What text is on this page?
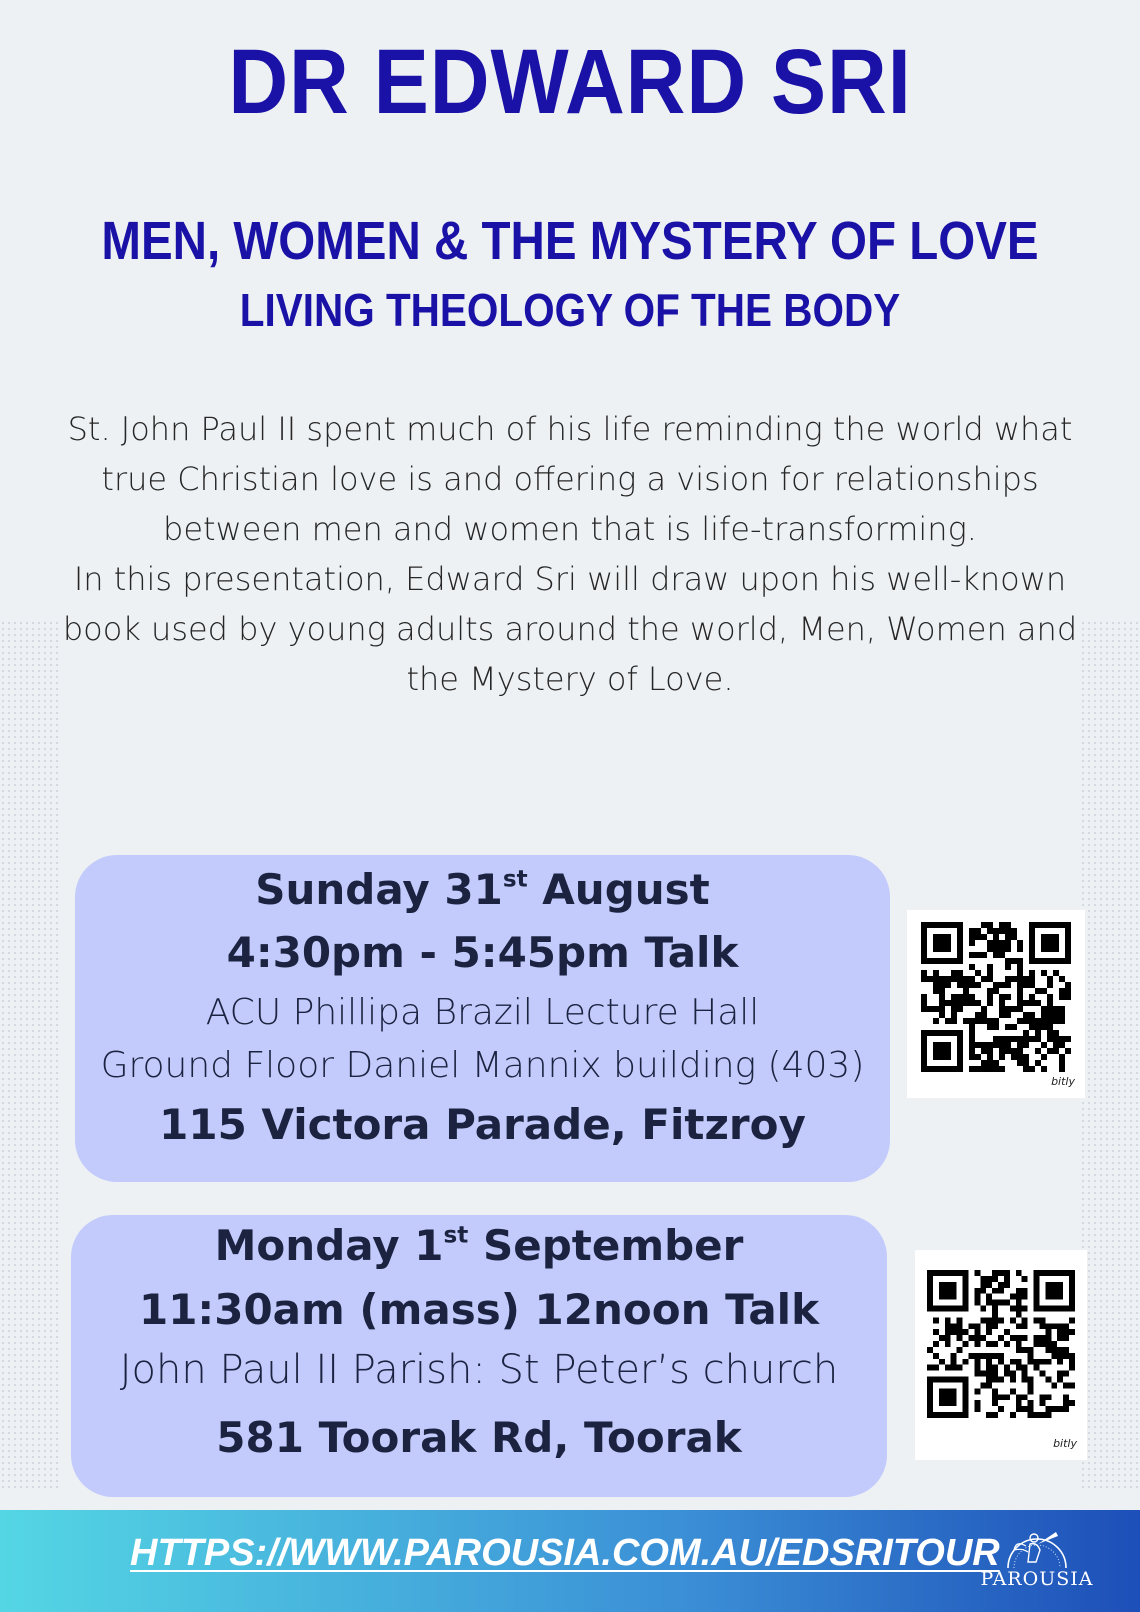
DR EDWARD SRI
MEN, WOMEN & THE MYSTERY OF LOVE
LIVING THEOLOGY OF THE BODY

St. John Paul II spent much of his life reminding the world what true Christian love is and offering a vision for relationships between men and women that is life-transforming.

In this presentation, Edward Sri will draw upon his well-known book used by young adults around the world, Men, Women and the Mystery of Love.

Sunday 31st August
4:30pm - 5:45pm Talk
ACU Phillipa Brazil Lecture Hall
Ground Floor Daniel Mannix building (403)
115 Victora Parade, Fitzroy
bitly
Monday 1st September
11:30am (mass) 12noon Talk
John Paul II Parish: St Peter’s church
581 Toorak Rd, Toorak	bitly
HTTPS://WWW.PAROUSIA.COM.AU/EDSRITOUR
PAROUSIA
